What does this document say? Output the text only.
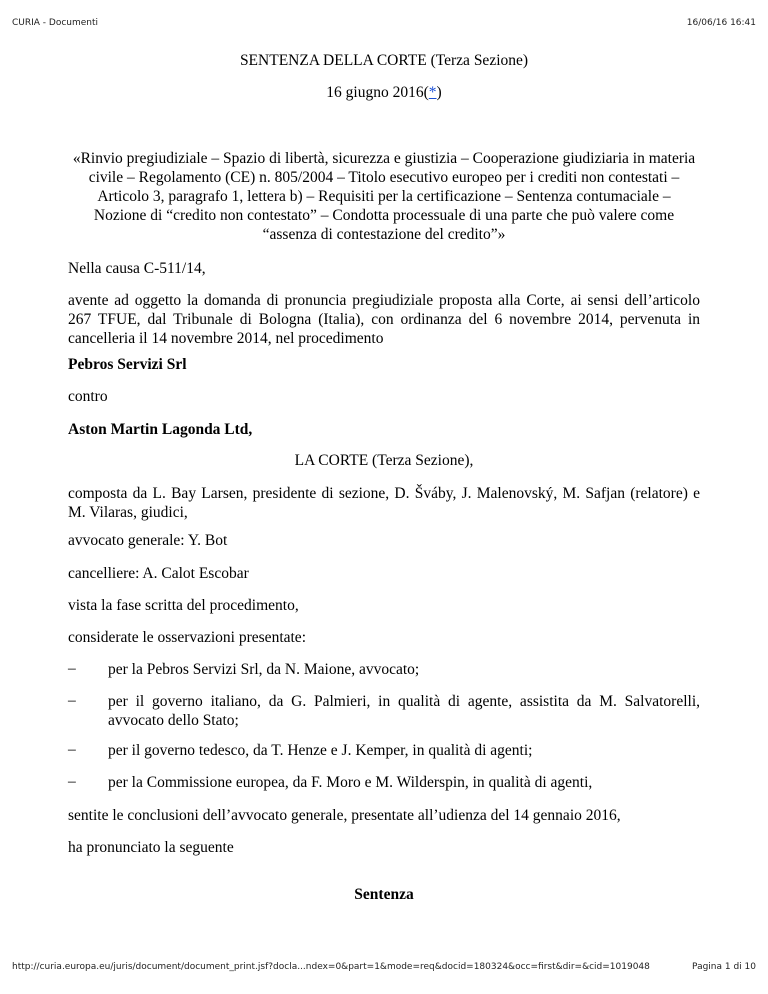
CURIA - Documenti	16/06/16 16:41
SENTENZA DELLA CORTE (Terza Sezione)
16 giugno 2016(*)
«Rinvio pregiudiziale – Spazio di libertà, sicurezza e giustizia – Cooperazione giudiziaria in materia
civile – Regolamento (CE) n. 805/2004 – Titolo esecutivo europeo per i crediti non contestati –
Articolo 3, paragrafo 1, lettera b) – Requisiti per la certificazione – Sentenza contumaciale –
Nozione di “credito non contestato” – Condotta processuale di una parte che può valere come
“assenza di contestazione del credito”»
Nella causa C-511/14,
avente ad oggetto la domanda di pronuncia pregiudiziale proposta alla Corte, ai sensi dell’articolo 267 TFUE, dal Tribunale di Bologna (Italia), con ordinanza del 6 novembre 2014, pervenuta in cancelleria il 14 novembre 2014, nel procedimento
Pebros Servizi Srl
contro
Aston Martin Lagonda Ltd,
LA CORTE (Terza Sezione),
composta da L. Bay Larsen, presidente di sezione, D. Šváby, J. Malenovský, M. Safjan (relatore) e M. Vilaras, giudici,
avvocato generale: Y. Bot
cancelliere: A. Calot Escobar
vista la fase scritta del procedimento,
considerate le osservazioni presentate:
– per la Pebros Servizi Srl, da N. Maione, avvocato;
– per il governo italiano, da G. Palmieri, in qualità di agente, assistita da M. Salvatorelli, avvocato dello Stato;
– per il governo tedesco, da T. Henze e J. Kemper, in qualità di agenti;
– per la Commissione europea, da F. Moro e M. Wilderspin, in qualità di agenti,
sentite le conclusioni dell’avvocato generale, presentate all’udienza del 14 gennaio 2016,
ha pronunciato la seguente
Sentenza
http://curia.europa.eu/juris/document/document_print.jsf?docla...ndex=0&part=1&mode=req&docid=180324&occ=first&dir=&cid=1019048	Pagina 1 di 10
